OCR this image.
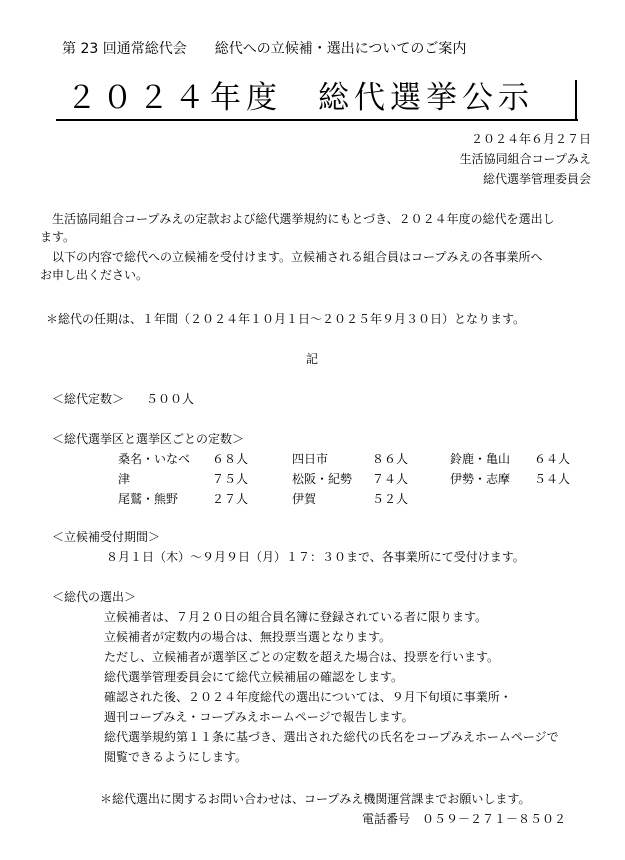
第 23 回通常総代会　　総代への立候補・選出についてのご案内
２０２４年度　総代選挙公示
２０２４年６月２７日
生活協同組合コープみえ
総代選挙管理委員会
生活協同組合コープみえの定款および総代選挙規約にもとづき、２０２４年度の総代を選出し
ます。
以下の内容で総代への立候補を受付けます。立候補される組合員はコープみえの各事業所へ
お申し出ください。
＊総代の任期は、１年間（２０２４年１０月１日～２０２５年９月３０日）となります。
記
＜総代定数＞ ５００人
＜総代選挙区と選挙区ごとの定数＞
桑名・いなべ ６８人	四日市	８６人	鈴鹿・亀山 ６４人
津	７５人	松阪・紀勢 ７４人	伊勢・志摩 ５４人
尾鷲・熊野	２７人	伊賀	５２人
＜立候補受付期間＞
８月１日（木）～９月９日（月）１７：３０まで、各事業所にて受付けます。
＜総代の選出＞
立候補者は、７月２０日の組合員名簿に登録されている者に限ります。
立候補者が定数内の場合は、無投票当選となります。
ただし、立候補者が選挙区ごとの定数を超えた場合は、投票を行います。
総代選挙管理委員会にて総代立候補届の確認をします。
確認された後、２０２４年度総代の選出については、９月下旬頃に事業所・
週刊コープみえ・コープみえホームページで報告します。
総代選挙規約第１１条に基づき、選出された総代の氏名をコープみえホームページで
閲覧できるようにします。
＊総代選出に関するお問い合わせは、コープみえ機関運営課までお願いします。
電話番号　０５９－２７１－８５０２
